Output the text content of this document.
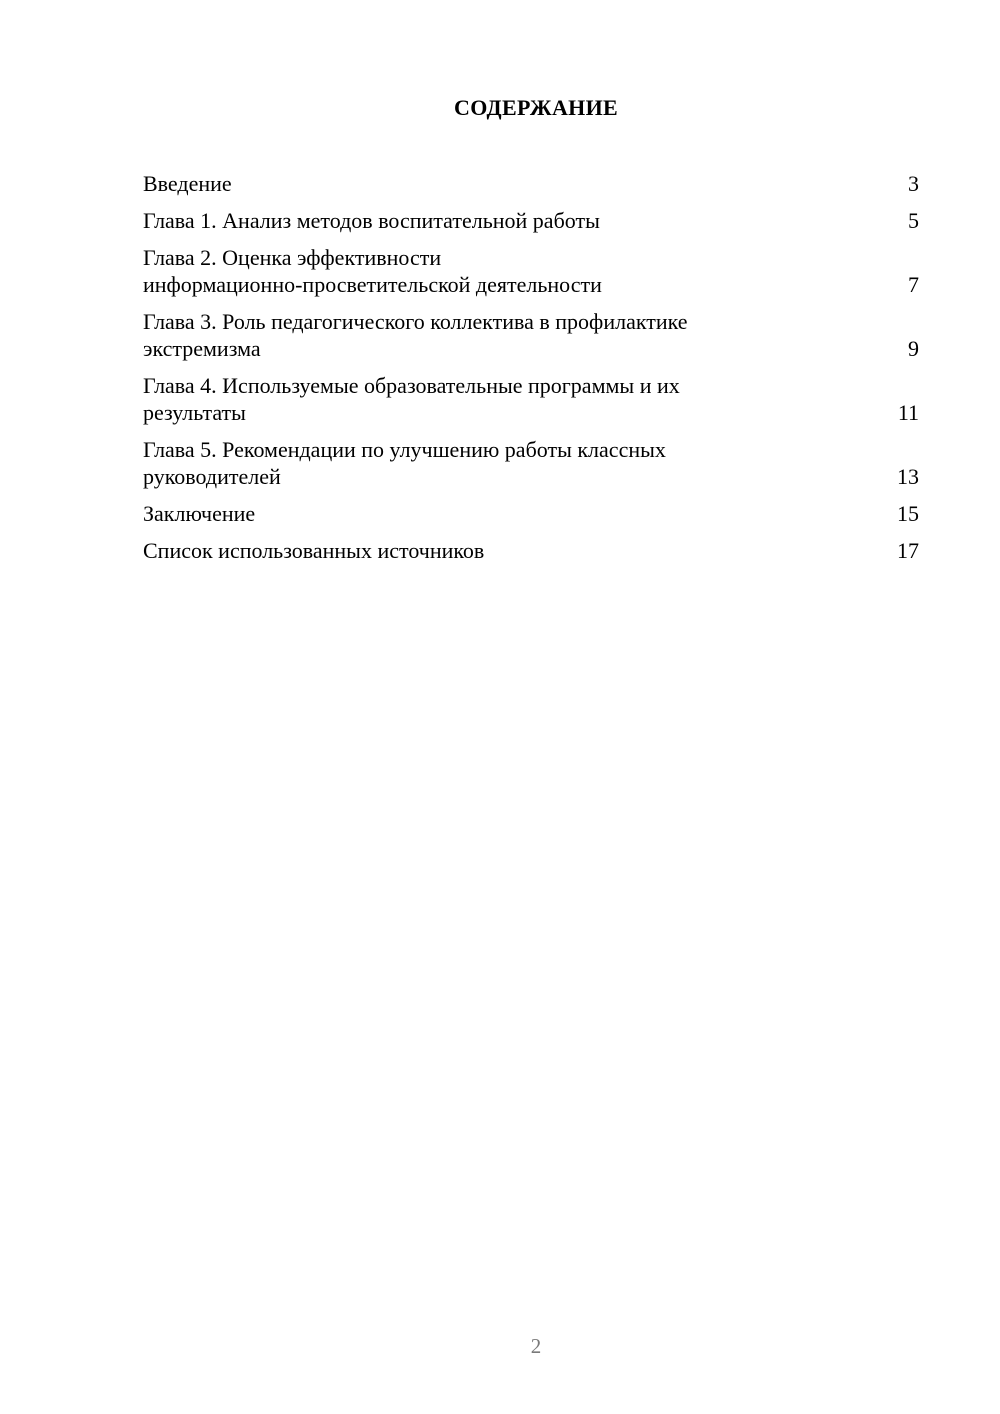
СОДЕРЖАНИЕ
Введение	3
Глава 1. Анализ методов воспитательной работы	5
Глава 2. Оценка эффективности
информационно-просветительской деятельности	7
Глава 3. Роль педагогического коллектива в профилактике
экстремизма	9
Глава 4. Используемые образовательные программы и их
результаты	11
Глава 5. Рекомендации по улучшению работы классных
руководителей	13
Заключение	15
Список использованных источников	17
2
